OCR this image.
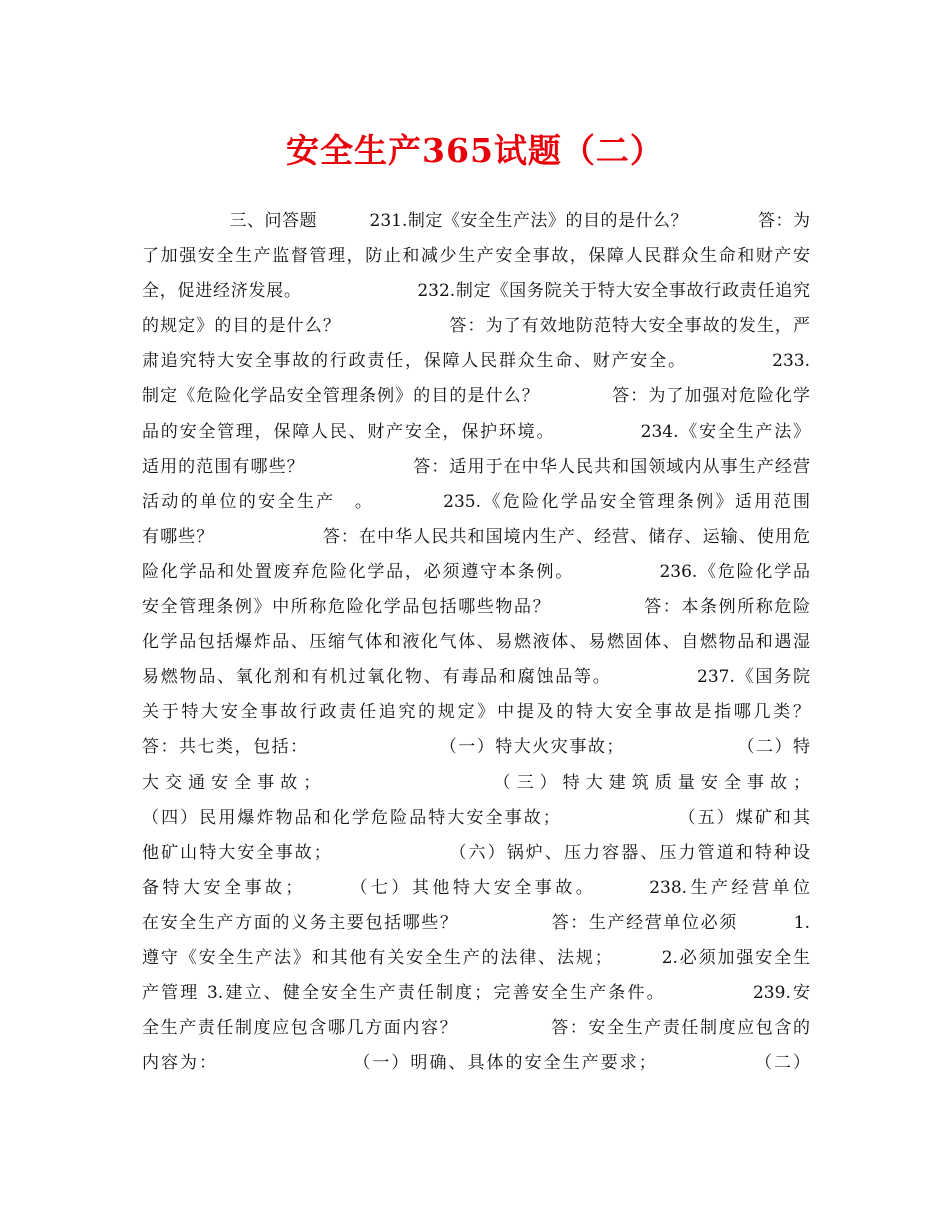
安全生产365试题（二）
　　　　　三、问答题　　　231.制定《安全生产法》的目的是什么？　　　　答：为
了加强安全生产监督管理，防止和减少生产安全事故，保障人民群众生命和财产安
全，促进经济发展。　　　　　　　232.制定《国务院关于特大安全事故行政责任追究
的规定》的目的是什么？　　　　　　答：为了有效地防范特大安全事故的发生，严
肃追究特大安全事故的行政责任，保障人民群众生命、财产安全。　　　　　233.
制定《危险化学品安全管理条例》的目的是什么？　　　　答：为了加强对危险化学
品的安全管理，保障人民、财产安全，保护环境。　　　　　234.《安全生产法》
适用的范围有哪些？　　　　　　答：适用于在中华人民共和国领域内从事生产经营
活动的单位的安全生产　。　　　　235.《危险化学品安全管理条例》适用范围
有哪些？　　　　　　答：在中华人民共和国境内生产、经营、储存、运输、使用危
险化学品和处置废弃危险化学品，必须遵守本条例。　　　　　236.《危险化学品
安全管理条例》中所称危险化学品包括哪些物品？　　　　　答：本条例所称危险
化学品包括爆炸品、压缩气体和液化气体、易燃液体、易燃固体、自燃物品和遇湿
易燃物品、氧化剂和有机过氧化物、有毒品和腐蚀品等。　　　　　237.《国务院
关于特大安全事故行政责任追究的规定》中提及的特大安全事故是指哪几类？
答：共七类，包括：　　　　　　　　（一）特大火灾事故；　　　　　　　（二）特
大交通安全事故；　　　　　　　　（三）特大建筑质量安全事故；
（四）民用爆炸物品和化学危险品特大安全事故；　　　　　　　（五）煤矿和其
他矿山特大安全事故；　　　　　　　（六）锅炉、压力容器、压力管道和特种设
备特大安全事故；　　　（七）其他特大安全事故。　　　238.生产经营单位
在安全生产方面的义务主要包括哪些？　　　　　答：生产经营单位必须　　　1.
遵守《安全生产法》和其他有关安全生产的法律、法规；　　　2.必须加强安全生
产管理 3.建立、健全安全生产责任制度；完善安全生产条件。　　　　　239.安
全生产责任制度应包含哪几方面内容？　　　　　答：安全生产责任制度应包含的
内容为：　　　　　　　　（一）明确、具体的安全生产要求；　　　　　　（二）
